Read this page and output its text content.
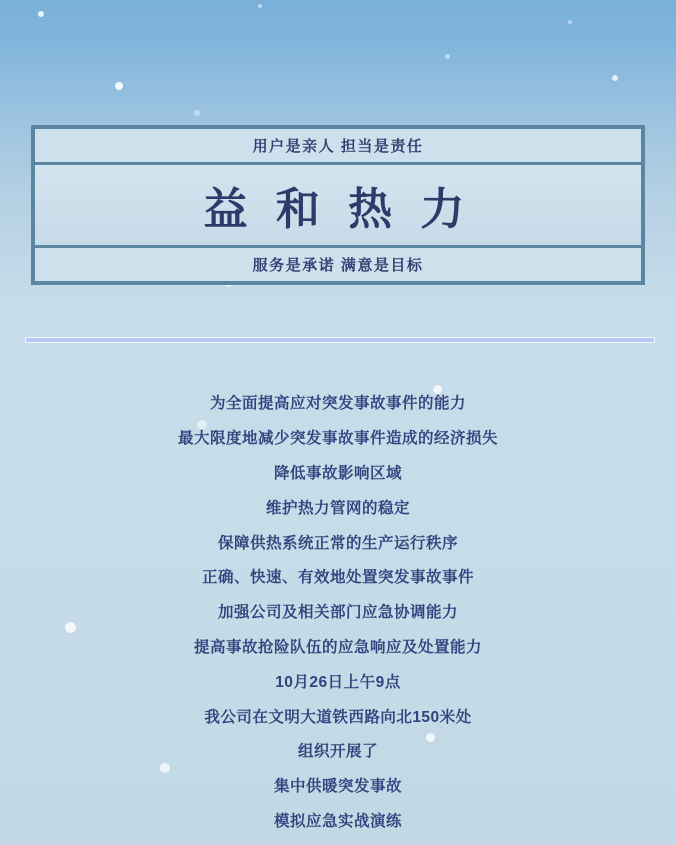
用户是亲人 担当是责任
益 和 热 力
服务是承诺 满意是目标

为全面提高应对突发事故事件的能力

最大限度地减少突发事故事件造成的经济损失

降低事故影响区域

维护热力管网的稳定

保障供热系统正常的生产运行秩序

正确、快速、有效地处置突发事故事件

加强公司及相关部门应急协调能力

提高事故抢险队伍的应急响应及处置能力

10月26日上午9点

我公司在文明大道铁西路向北150米处

组织开展了

集中供暖突发事故

模拟应急实战演练
